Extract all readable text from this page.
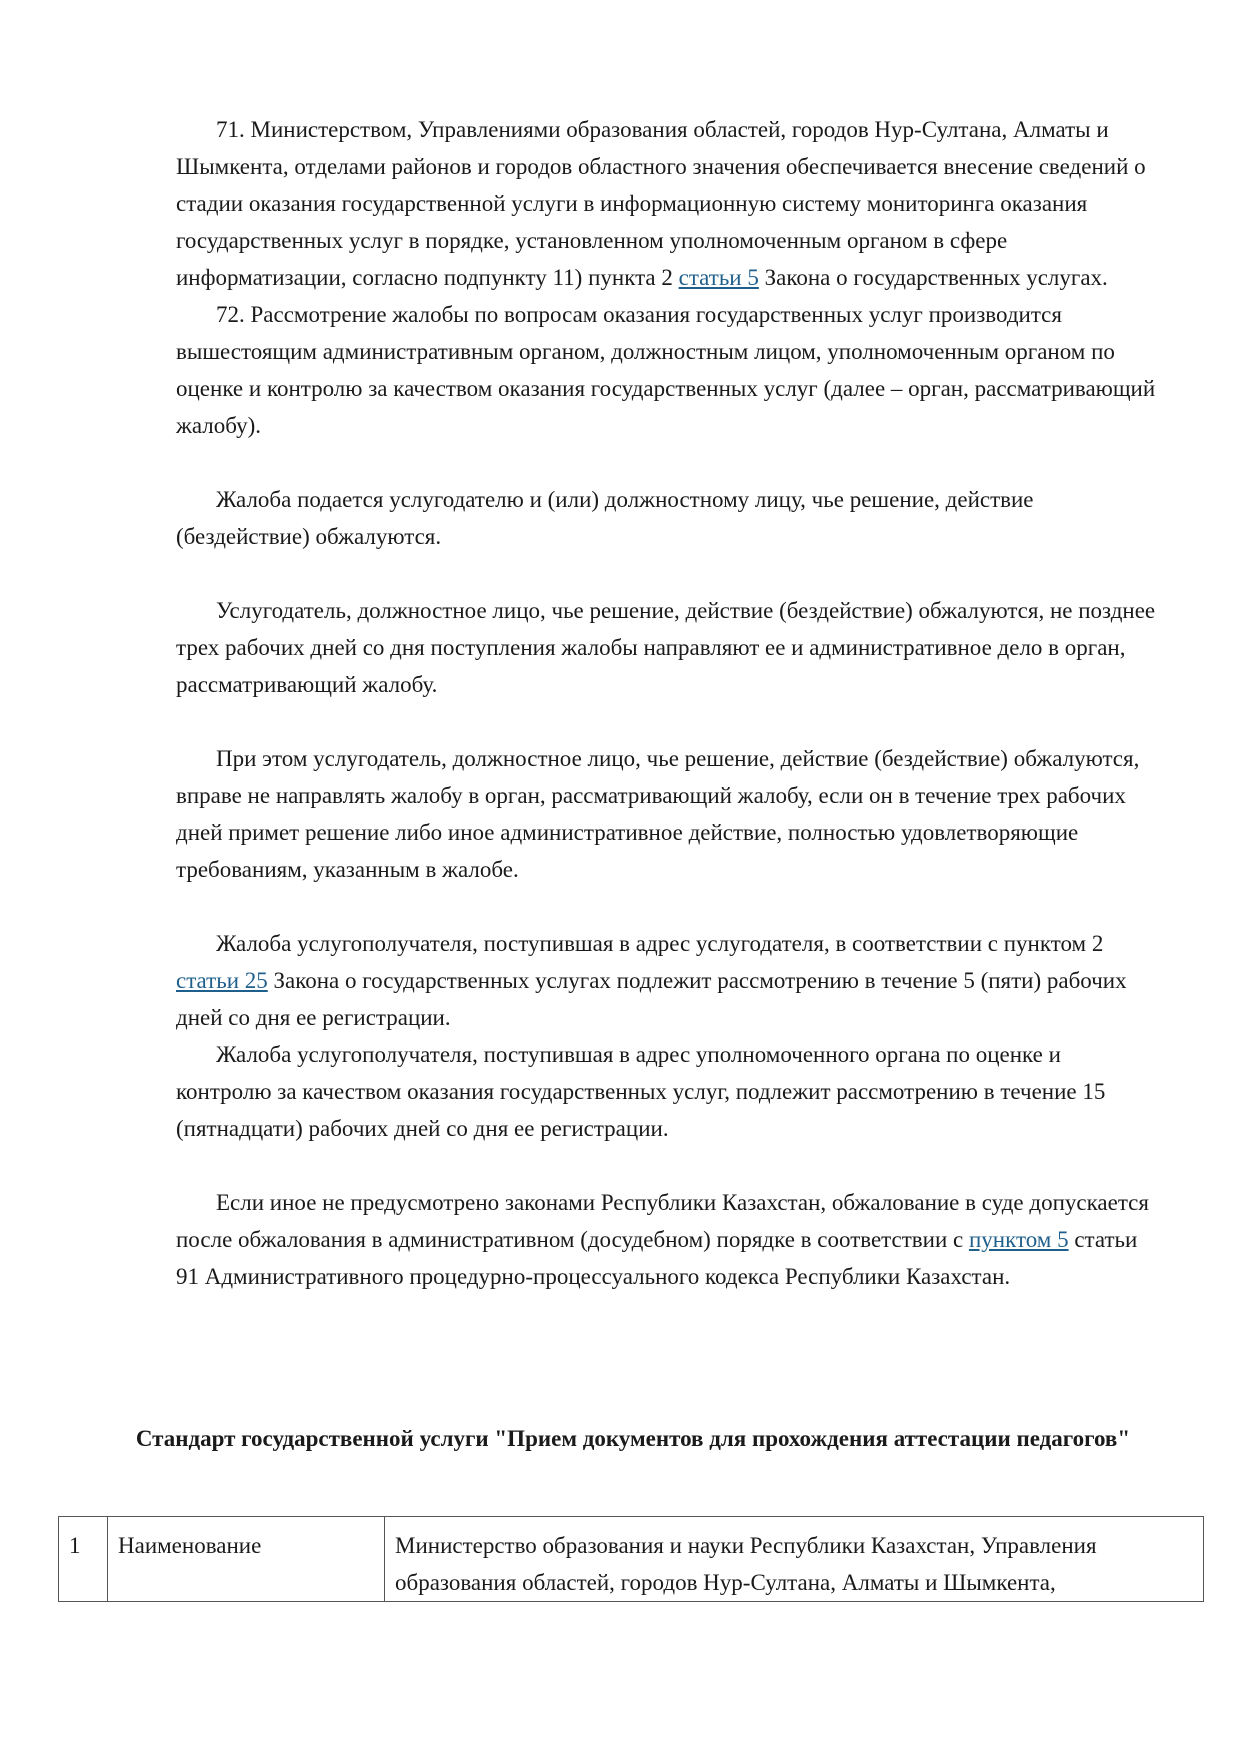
71. Министерством, Управлениями образования областей, городов Нур-Султана, Алматы и Шымкента, отделами районов и городов областного значения обеспечивается внесение сведений о стадии оказания государственной услуги в информационную систему мониторинга оказания государственных услуг в порядке, установленном уполномоченным органом в сфере информатизации, согласно подпункту 11) пункта 2 статьи 5 Закона о государственных услугах.

72. Рассмотрение жалобы по вопросам оказания государственных услуг производится вышестоящим административным органом, должностным лицом, уполномоченным органом по оценке и контролю за качеством оказания государственных услуг (далее – орган, рассматривающий жалобу).

Жалоба подается услугодателю и (или) должностному лицу, чье решение, действие (бездействие) обжалуются.

Услугодатель, должностное лицо, чье решение, действие (бездействие) обжалуются, не позднее трех рабочих дней со дня поступления жалобы направляют ее и административное дело в орган, рассматривающий жалобу.

При этом услугодатель, должностное лицо, чье решение, действие (бездействие) обжалуются, вправе не направлять жалобу в орган, рассматривающий жалобу, если он в течение трех рабочих дней примет решение либо иное административное действие, полностью удовлетворяющие требованиям, указанным в жалобе.

Жалоба услугополучателя, поступившая в адрес услугодателя, в соответствии с пунктом 2 статьи 25 Закона о государственных услугах подлежит рассмотрению в течение 5 (пяти) рабочих дней со дня ее регистрации.

Жалоба услугополучателя, поступившая в адрес уполномоченного органа по оценке и контролю за качеством оказания государственных услуг, подлежит рассмотрению в течение 15 (пятнадцати) рабочих дней со дня ее регистрации.

Если иное не предусмотрено законами Республики Казахстан, обжалование в суде допускается после обжалования в административном (досудебном) порядке в соответствии с пунктом 5 статьи 91 Административного процедурно-процессуального кодекса Республики Казахстан.

Стандарт государственной услуги "Прием документов для прохождения аттестации педагогов"
1	Наименование	Министерство образования и науки Республики Казахстан, Управления образования областей, городов Нур-Султана, Алматы и Шымкента,
